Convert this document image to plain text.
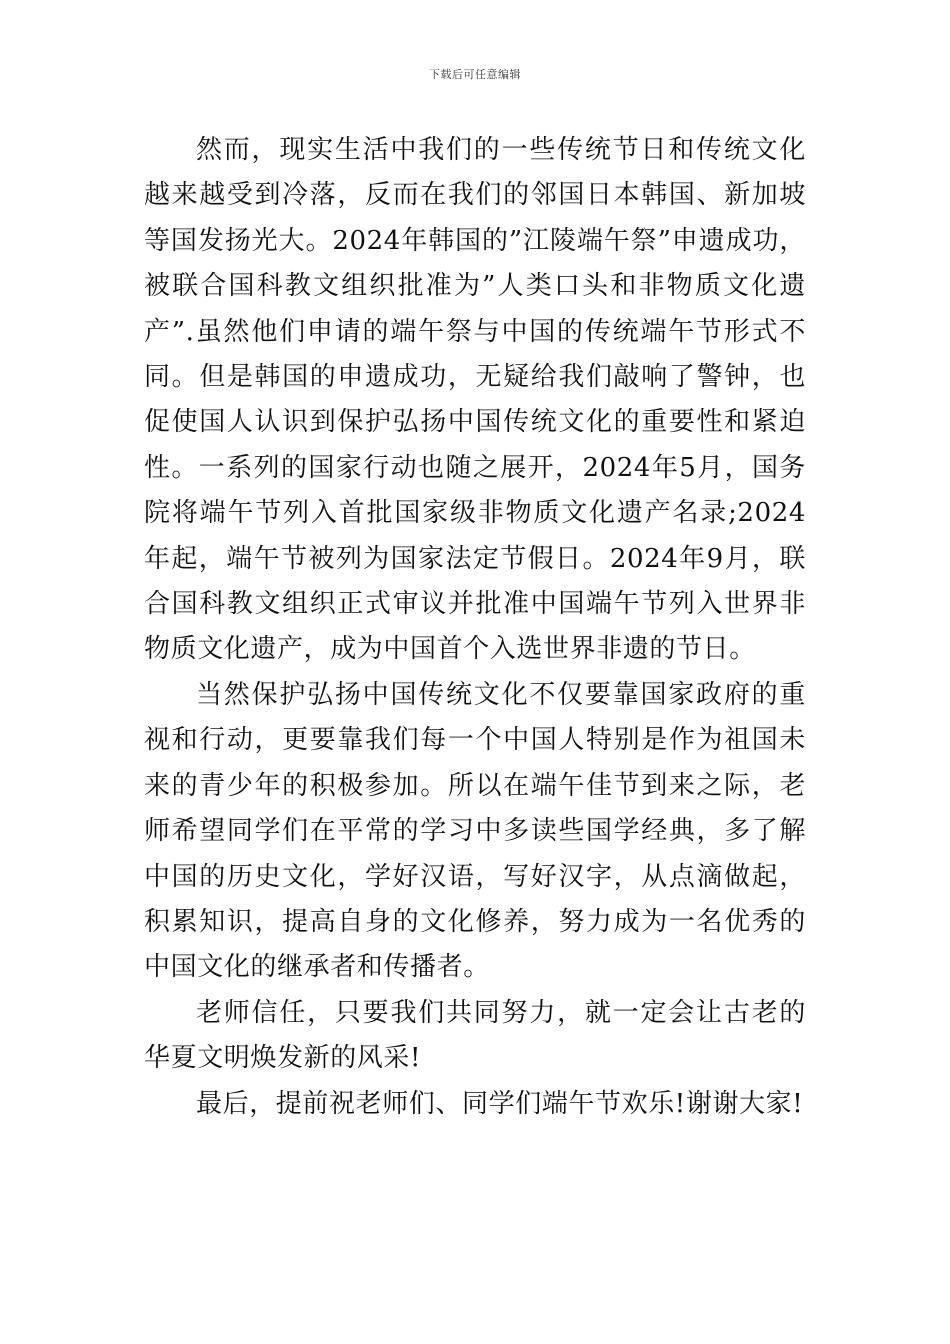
下载后可任意编辑

然而，现实生活中我们的一些传统节日和传统文化越来越受到冷落，反而在我们的邻国日本韩国、新加坡等国发扬光大。2024年韩国的”江陵端午祭”申遗成功，被联合国科教文组织批准为”人类口头和非物质文化遗产”.虽然他们申请的端午祭与中国的传统端午节形式不同。但是韩国的申遗成功，无疑给我们敲响了警钟，也促使国人认识到保护弘扬中国传统文化的重要性和紧迫性。一系列的国家行动也随之展开，2024年5月，国务院将端午节列入首批国家级非物质文化遗产名录;2024年起，端午节被列为国家法定节假日。2024年9月，联合国科教文组织正式审议并批准中国端午节列入世界非物质文化遗产，成为中国首个入选世界非遗的节日。

当然保护弘扬中国传统文化不仅要靠国家政府的重视和行动，更要靠我们每一个中国人特别是作为祖国未来的青少年的积极参加。所以在端午佳节到来之际，老师希望同学们在平常的学习中多读些国学经典，多了解中国的历史文化，学好汉语，写好汉字，从点滴做起，积累知识，提高自身的文化修养，努力成为一名优秀的中国文化的继承者和传播者。

老师信任，只要我们共同努力，就一定会让古老的华夏文明焕发新的风采!

最后，提前祝老师们、同学们端午节欢乐!谢谢大家!
